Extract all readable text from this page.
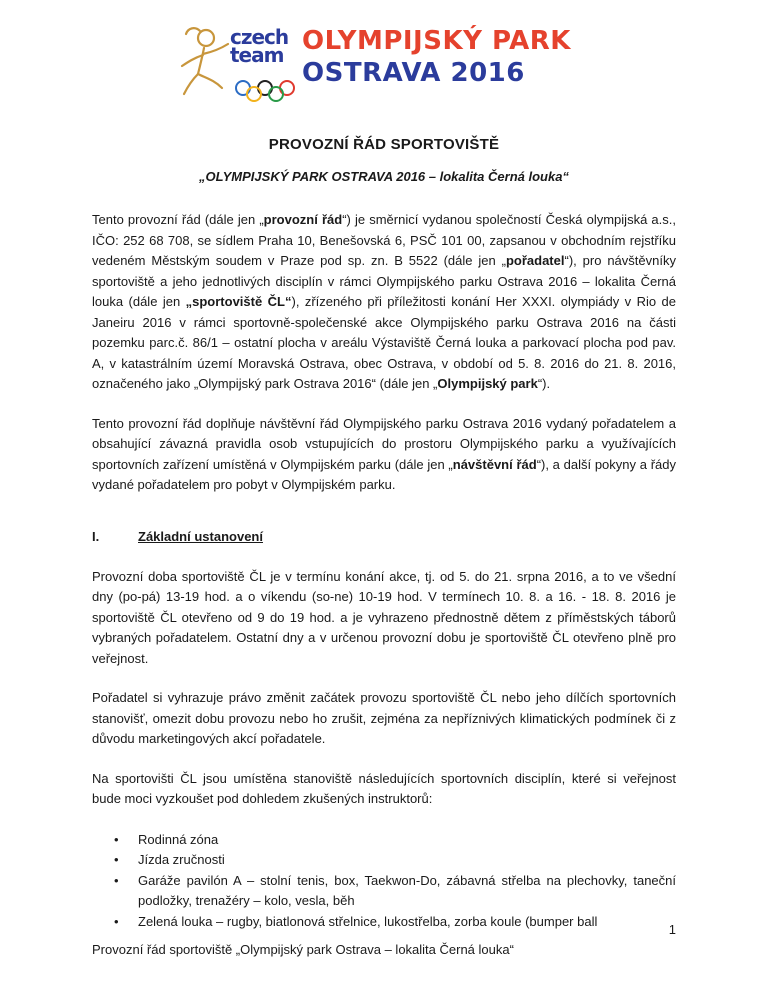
czech
team OLYMPIJSKÝ PARK
OSTRAVA 2016
PROVOZNÍ ŘÁD SPORTOVIŠTĚ
„OLYMPIJSKÝ PARK OSTRAVA 2016 – lokalita Černá louka“

Tento provozní řád (dále jen „provozní řád“) je směrnicí vydanou společností Česká olympijská a.s., IČO: 252 68 708, se sídlem Praha 10, Benešovská 6, PSČ 101 00, zapsanou v obchodním rejstříku vedeném Městským soudem v Praze pod sp. zn. B 5522 (dále jen „pořadatel“), pro návštěvníky sportoviště a jeho jednotlivých disciplín v rámci Olympijského parku Ostrava 2016 – lokalita Černá louka (dále jen „sportoviště ČL“), zřízeného při příležitosti konání Her XXXI. olympiády v Rio de Janeiru 2016 v rámci sportovně-společenské akce Olympijského parku Ostrava 2016 na části pozemku parc.č. 86/1 – ostatní plocha v areálu Výstaviště Černá louka a parkovací plocha pod pav. A, v katastrálním území Moravská Ostrava, obec Ostrava, v období od 5. 8. 2016 do 21. 8. 2016, označeného jako „Olympijský park Ostrava 2016“ (dále jen „Olympijský park“).

Tento provozní řád doplňuje návštěvní řád Olympijského parku Ostrava 2016 vydaný pořadatelem a obsahující závazná pravidla osob vstupujících do prostoru Olympijského parku a využívajících sportovních zařízení umístěná v Olympijském parku (dále jen „návštěvní řád“), a další pokyny a řády vydané pořadatelem pro pobyt v Olympijském parku.

I.	Základní ustanovení

Provozní doba sportoviště ČL je v termínu konání akce, tj. od 5. do 21. srpna 2016, a to ve všední dny (po-pá) 13-19 hod. a o víkendu (so-ne) 10-19 hod. V termínech 10. 8. a 16. - 18. 8. 2016 je sportoviště ČL otevřeno od 9 do 19 hod. a je vyhrazeno přednostně dětem z příměstských táborů vybraných pořadatelem. Ostatní dny a v určenou provozní dobu je sportoviště ČL otevřeno plně pro veřejnost.

Pořadatel si vyhrazuje právo změnit začátek provozu sportoviště ČL nebo jeho dílčích sportovních stanovišť, omezit dobu provozu nebo ho zrušit, zejména za nepříznivých klimatických podmínek či z důvodu marketingových akcí pořadatele.

Na sportovišti ČL jsou umístěna stanoviště následujících sportovních disciplín, které si veřejnost bude moci vyzkoušet pod dohledem zkušených instruktorů:

• Rodinná zóna
• Jízda zručnosti
• Garáže pavilón A – stolní tenis, box, Taekwon-Do, zábavná střelba na plechovky, taneční podložky, trenažéry – kolo, vesla, běh
• Zelená louka – rugby, biatlonová střelnice, lukostřelba, zorba koule (bumper ball
1
Provozní řád sportoviště „Olympijský park Ostrava – lokalita Černá louka“
